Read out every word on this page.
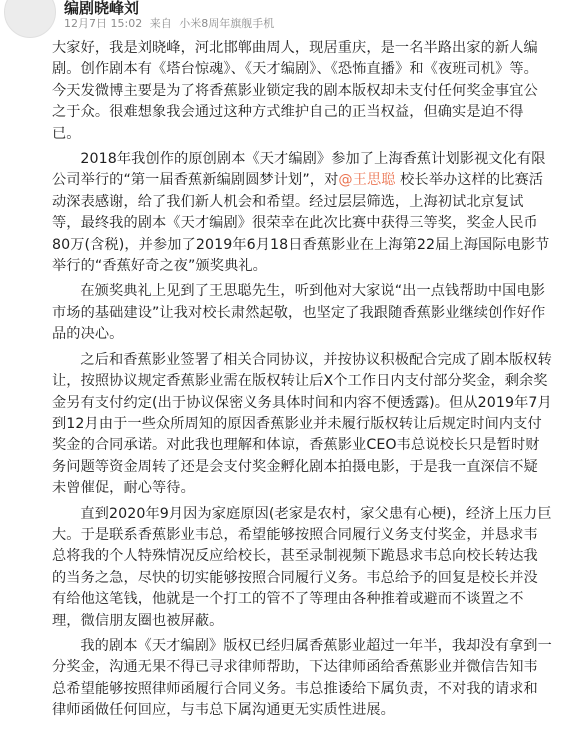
编剧晓峰刘
12月7日 15:02 来自 小米8周年旗舰手机

大家好，我是刘晓峰，河北邯郸曲周人，现居重庆，是一名半路出家的新人编剧。创作剧本有《塔台惊魂》、《天才编剧》、《恐怖直播》和《夜班司机》等。今天发微博主要是为了将香蕉影业锁定我的剧本版权却未支付任何奖金事宜公之于众。很难想象我会通过这种方式维护自己的正当权益，但确实是迫不得已。

2018年我创作的原创剧本《天才编剧》参加了上海香蕉计划影视文化有限公司举行的“第一届香蕉新编剧圆梦计划”，对@王思聪 校长举办这样的比赛活动深表感谢，给了我们新人机会和希望。经过层层筛选，上海初试北京复试等，最终我的剧本《天才编剧》很荣幸在此次比赛中获得三等奖，奖金人民币80万(含税)，并参加了2019年6月18日香蕉影业在上海第22届上海国际电影节举行的“香蕉好奇之夜”颁奖典礼。

在颁奖典礼上见到了王思聪先生，听到他对大家说“出一点钱帮助中国电影市场的基础建设”让我对校长肃然起敬，也坚定了我跟随香蕉影业继续创作好作品的决心。

之后和香蕉影业签署了相关合同协议，并按协议积极配合完成了剧本版权转让，按照协议规定香蕉影业需在版权转让后X个工作日内支付部分奖金，剩余奖金另有支付约定(出于协议保密义务具体时间和内容不便透露)。但从2019年7月到12月由于一些众所周知的原因香蕉影业并未履行版权转让后规定时间内支付奖金的合同承诺。对此我也理解和体谅，香蕉影业CEO韦总说校长只是暂时财务问题等资金周转了还是会支付奖金孵化剧本拍摄电影，于是我一直深信不疑未曾催促，耐心等待。

直到2020年9月因为家庭原因(老家是农村，家父患有心梗)，经济上压力巨大。于是联系香蕉影业韦总，希望能够按照合同履行义务支付奖金，并恳求韦总将我的个人特殊情况反应给校长，甚至录制视频下跪恳求韦总向校长转达我的当务之急，尽快的切实能够按照合同履行义务。韦总给予的回复是校长并没有给他这笔钱，他就是一个打工的管不了等理由各种推着或避而不谈置之不理，微信朋友圈也被屏蔽。

我的剧本《天才编剧》版权已经归属香蕉影业超过一年半，我却没有拿到一分奖金，沟通无果不得已寻求律师帮助，下达律师函给香蕉影业并微信告知韦总希望能够按照律师函履行合同义务。韦总推诿给下属负责，不对我的请求和律师函做任何回应，与韦总下属沟通更无实质性进展。
